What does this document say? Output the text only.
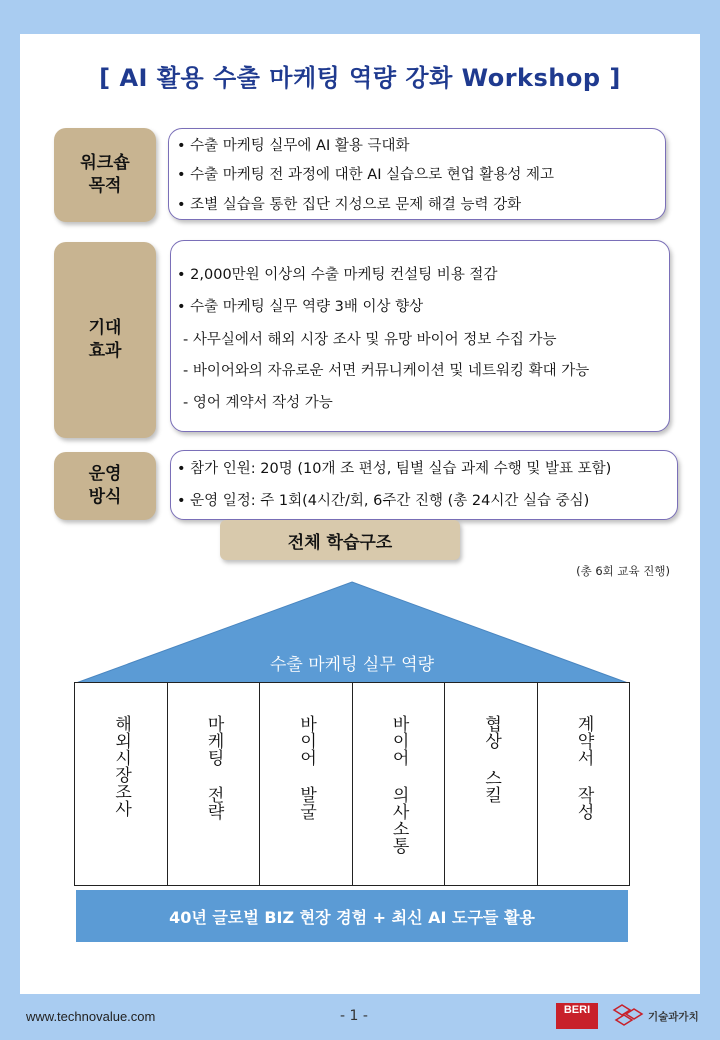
[ AI 활용 수출 마케팅 역량 강화 Workshop ]
워크숍
목적
• 수출 마케팅 실무에 AI 활용 극대화
• 수출 마케팅 전 과정에 대한 AI 실습으로 현업 활용성 제고
• 조별 실습을 통한 집단 지성으로 문제 해결 능력 강화
기대
효과
• 2,000만원 이상의 수출 마케팅 컨설팅 비용 절감
• 수출 마케팅 실무 역량 3배 이상 향상
- 사무실에서 해외 시장 조사 및 유망 바이어 정보 수집 가능
- 바이어와의 자유로운 서면 커뮤니케이션 및 네트워킹 확대 가능
- 영어 계약서 작성 가능
운영
방식
• 참가 인원: 20명 (10개 조 편성, 팀별 실습 과제 수행 및 발표 포함)
• 운영 일정: 주 1회(4시간/회, 6주간 진행 (총 24시간 실습 중심)
전체 학습구조
(총 6회 교육 진행)
수출 마케팅 실무 역량
해외시장조사	마케팅 전략	바이어 발굴	바이어 의사소통	협상 스킬	계약서 작성
40년 글로벌 BIZ 현장 경험 + 최신 AI 도구들 활용
www.technovalue.com	- 1 -	BERI
기술과가치
